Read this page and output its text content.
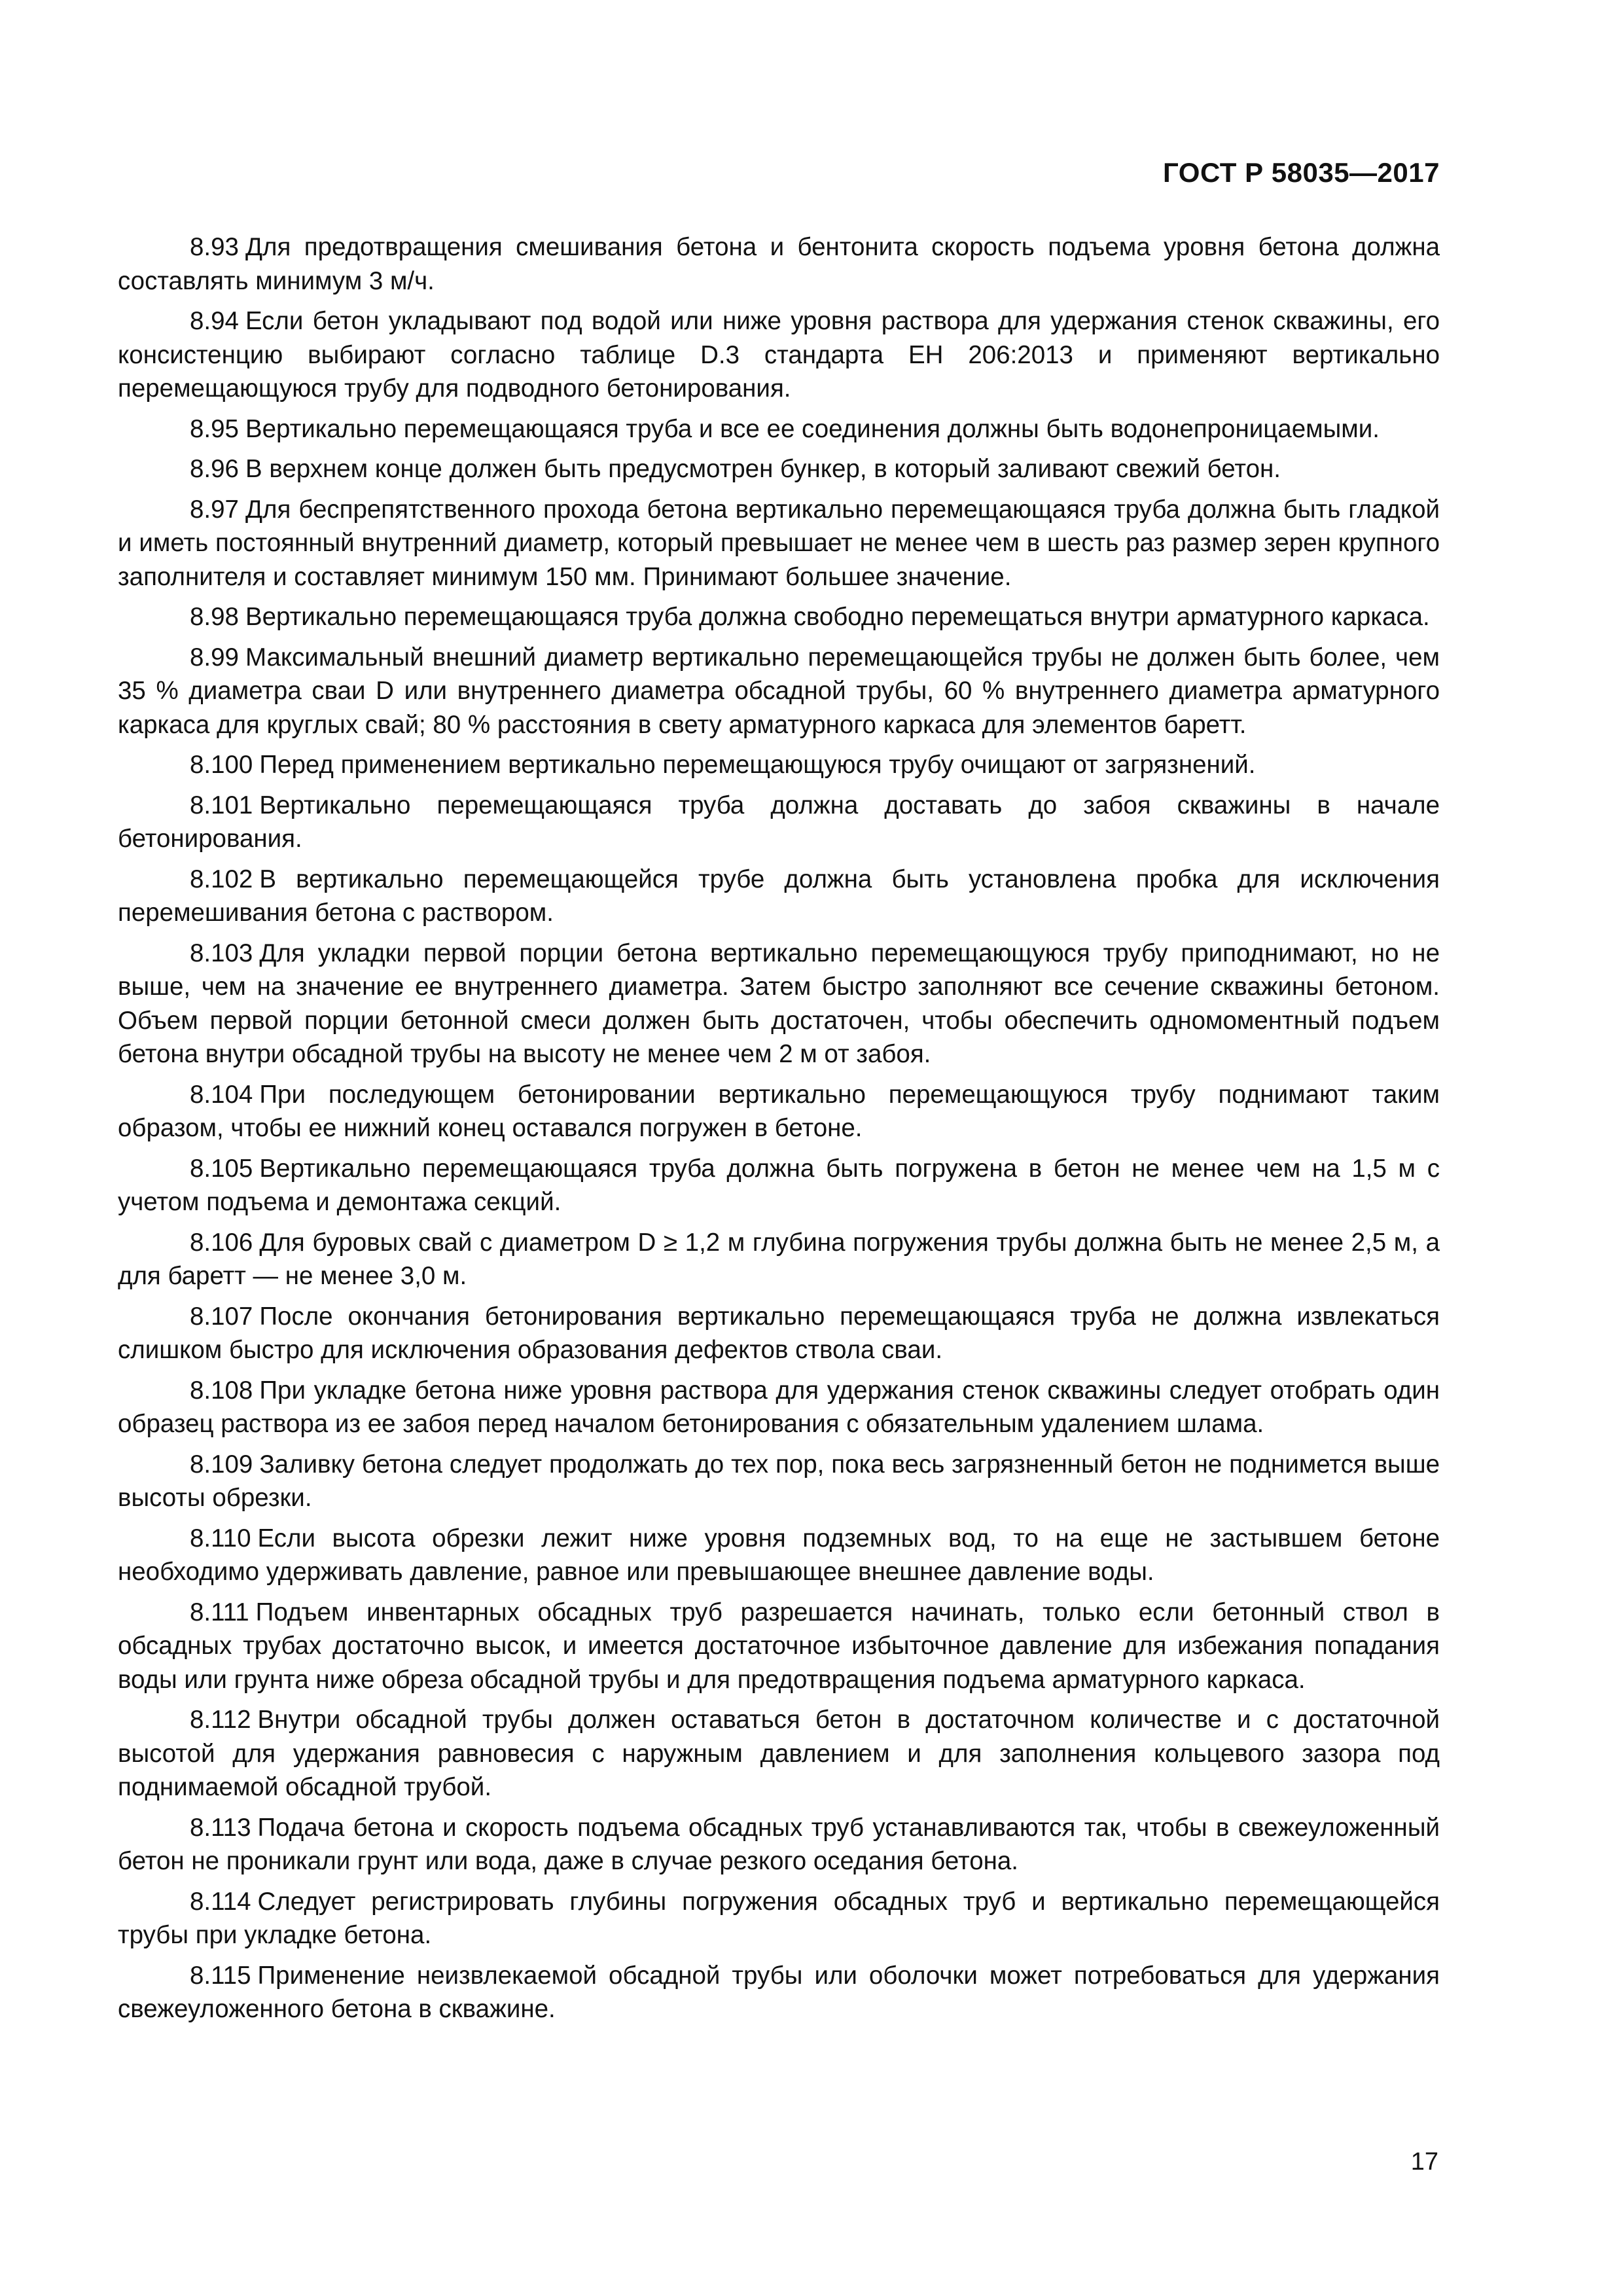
ГОСТ Р 58035—2017

8.93 Для предотвращения смешивания бетона и бентонита скорость подъема уровня бетона должна составлять минимум 3 м/ч.

8.94 Если бетон укладывают под водой или ниже уровня раствора для удержания стенок скважины, его консистенцию выбирают согласно таблице D.3 стандарта ЕН 206:2013 и применяют вертикально перемещающуюся трубу для подводного бетонирования.

8.95 Вертикально перемещающаяся труба и все ее соединения должны быть водонепроницаемыми.

8.96 В верхнем конце должен быть предусмотрен бункер, в который заливают свежий бетон.

8.97 Для беспрепятственного прохода бетона вертикально перемещающаяся труба должна быть гладкой и иметь постоянный внутренний диаметр, который превышает не менее чем в шесть раз размер зерен крупного заполнителя и составляет минимум 150 мм. Принимают большее значение.

8.98 Вертикально перемещающаяся труба должна свободно перемещаться внутри арматурного каркаса.

8.99 Максимальный внешний диаметр вертикально перемещающейся трубы не должен быть более, чем 35 % диаметра сваи D или внутреннего диаметра обсадной трубы, 60 % внутреннего диаметра арматурного каркаса для круглых свай; 80 % расстояния в свету арматурного каркаса для элементов баретт.

8.100 Перед применением вертикально перемещающуюся трубу очищают от загрязнений.

8.101 Вертикально перемещающаяся труба должна доставать до забоя скважины в начале бетонирования.

8.102 В вертикально перемещающейся трубе должна быть установлена пробка для исключения перемешивания бетона с раствором.

8.103 Для укладки первой порции бетона вертикально перемещающуюся трубу приподнимают, но не выше, чем на значение ее внутреннего диаметра. Затем быстро заполняют все сечение скважины бетоном. Объем первой порции бетонной смеси должен быть достаточен, чтобы обеспечить одномоментный подъем бетона внутри обсадной трубы на высоту не менее чем 2 м от забоя.

8.104 При последующем бетонировании вертикально перемещающуюся трубу поднимают таким образом, чтобы ее нижний конец оставался погружен в бетоне.

8.105 Вертикально перемещающаяся труба должна быть погружена в бетон не менее чем на 1,5 м с учетом подъема и демонтажа секций.

8.106 Для буровых свай с диаметром D ≥ 1,2 м глубина погружения трубы должна быть не менее 2,5 м, а для баретт — не менее 3,0 м.

8.107 После окончания бетонирования вертикально перемещающаяся труба не должна извлекаться слишком быстро для исключения образования дефектов ствола сваи.

8.108 При укладке бетона ниже уровня раствора для удержания стенок скважины следует отобрать один образец раствора из ее забоя перед началом бетонирования с обязательным удалением шлама.

8.109 Заливку бетона следует продолжать до тех пор, пока весь загрязненный бетон не поднимется выше высоты обрезки.

8.110 Если высота обрезки лежит ниже уровня подземных вод, то на еще не застывшем бетоне необходимо удерживать давление, равное или превышающее внешнее давление воды.

8.111 Подъем инвентарных обсадных труб разрешается начинать, только если бетонный ствол в обсадных трубах достаточно высок, и имеется достаточное избыточное давление для избежания попадания воды или грунта ниже обреза обсадной трубы и для предотвращения подъема арматурного каркаса.

8.112 Внутри обсадной трубы должен оставаться бетон в достаточном количестве и с достаточной высотой для удержания равновесия с наружным давлением и для заполнения кольцевого зазора под поднимаемой обсадной трубой.

8.113 Подача бетона и скорость подъема обсадных труб устанавливаются так, чтобы в свежеуложенный бетон не проникали грунт или вода, даже в случае резкого оседания бетона.

8.114 Следует регистрировать глубины погружения обсадных труб и вертикально перемещающейся трубы при укладке бетона.

8.115 Применение неизвлекаемой обсадной трубы или оболочки может потребоваться для удержания свежеуложенного бетона в скважине.

17
